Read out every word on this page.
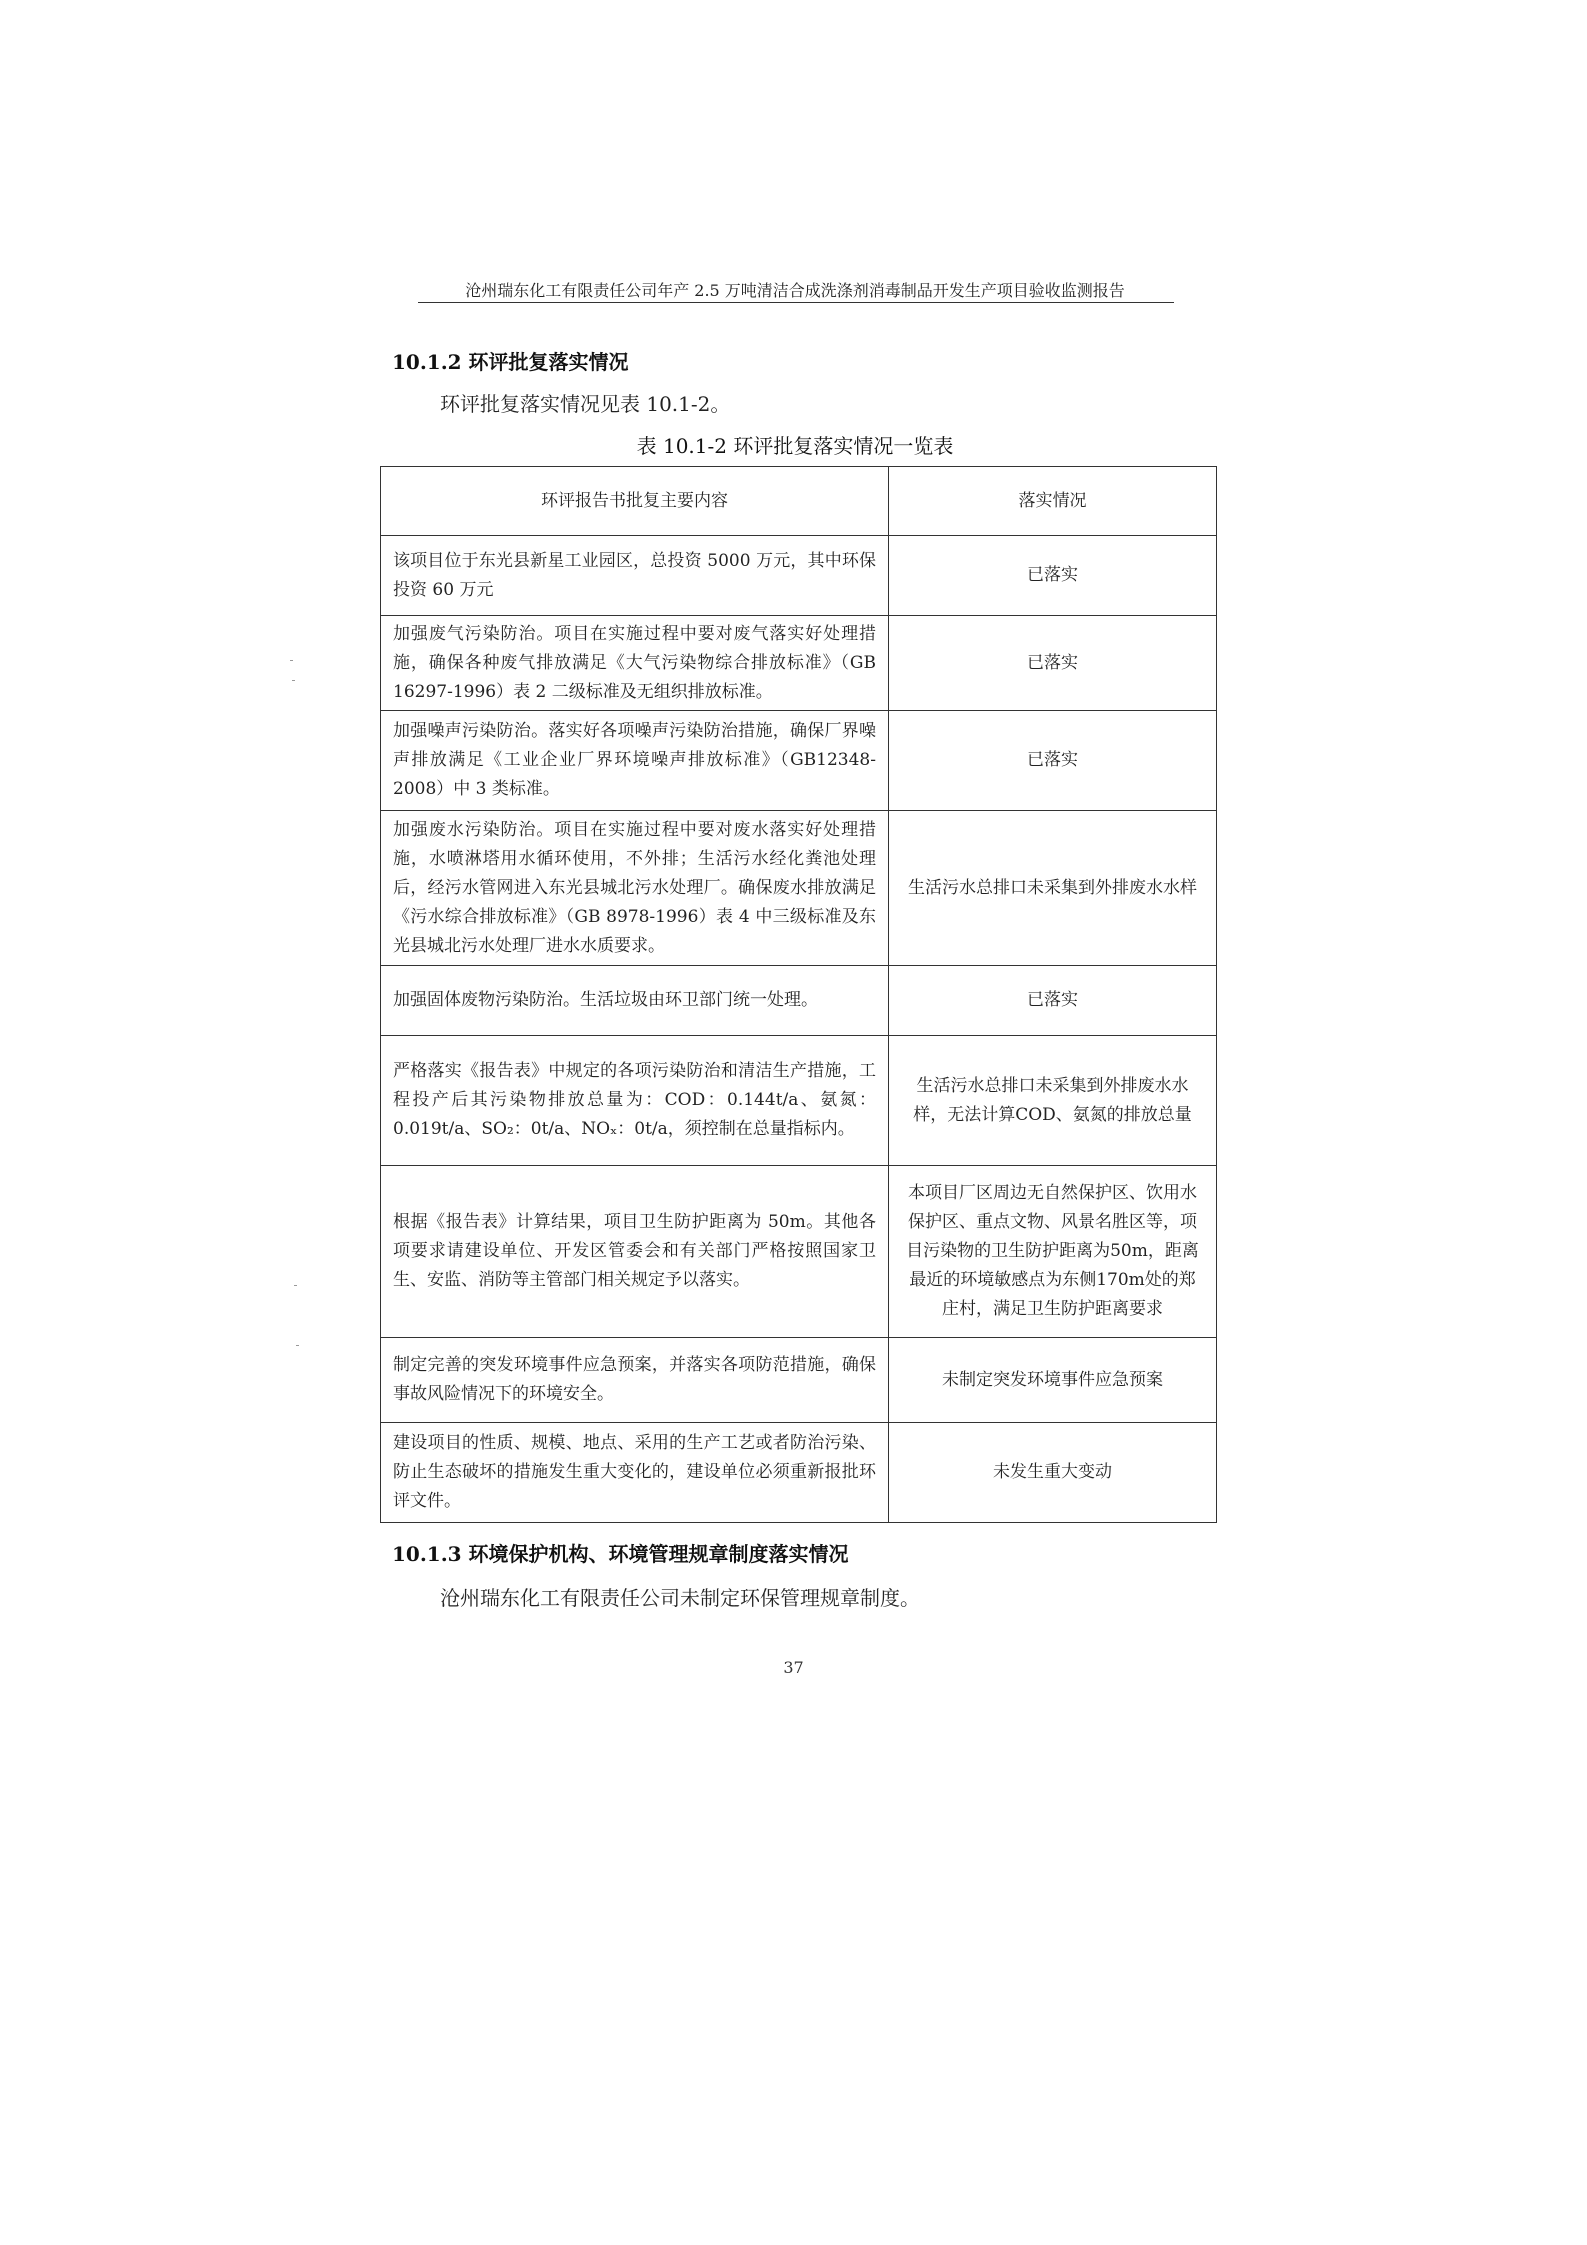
沧州瑞东化工有限责任公司年产 2.5 万吨清洁合成洗涤剂消毒制品开发生产项目验收监测报告
10.1.2 环评批复落实情况
环评批复落实情况见表 10.1-2。
表 10.1-2 环评批复落实情况一览表
环评报告书批复主要内容	落实情况
该项目位于东光县新星工业园区，总投资 5000 万元，其中环保投资 60 万元	已落实
加强废气污染防治。项目在实施过程中要对废气落实好处理措施，确保各种废气排放满足《大气污染物综合排放标准》（GB 16297-1996）表 2 二级标准及无组织排放标准。	已落实
加强噪声污染防治。落实好各项噪声污染防治措施，确保厂界噪声排放满足《工业企业厂界环境噪声排放标准》（GB12348-2008）中 3 类标准。	已落实
加强废水污染防治。项目在实施过程中要对废水落实好处理措施，水喷淋塔用水循环使用，不外排；生活污水经化粪池处理后，经污水管网进入东光县城北污水处理厂。确保废水排放满足《污水综合排放标准》（GB 8978-1996）表 4 中三级标准及东光县城北污水处理厂进水水质要求。	生活污水总排口未采集到外排废水水样
加强固体废物污染防治。生活垃圾由环卫部门统一处理。	已落实
严格落实《报告表》中规定的各项污染防治和清洁生产措施，工程投产后其污染物排放总量为：COD：0.144t/a、氨氮：0.019t/a、SO₂：0t/a、NOₓ：0t/a，须控制在总量指标内。	生活污水总排口未采集到外排废水水样，无法计算COD、氨氮的排放总量
根据《报告表》计算结果，项目卫生防护距离为 50m。其他各项要求请建设单位、开发区管委会和有关部门严格按照国家卫生、安监、消防等主管部门相关规定予以落实。	本项目厂区周边无自然保护区、饮用水保护区、重点文物、风景名胜区等，项目污染物的卫生防护距离为50m，距离最近的环境敏感点为东侧170m处的郑庄村，满足卫生防护距离要求
制定完善的突发环境事件应急预案，并落实各项防范措施，确保事故风险情况下的环境安全。	未制定突发环境事件应急预案
建设项目的性质、规模、地点、采用的生产工艺或者防治污染、防止生态破坏的措施发生重大变化的，建设单位必须重新报批环评文件。	未发生重大变动
10.1.3 环境保护机构、环境管理规章制度落实情况
沧州瑞东化工有限责任公司未制定环保管理规章制度。
37
